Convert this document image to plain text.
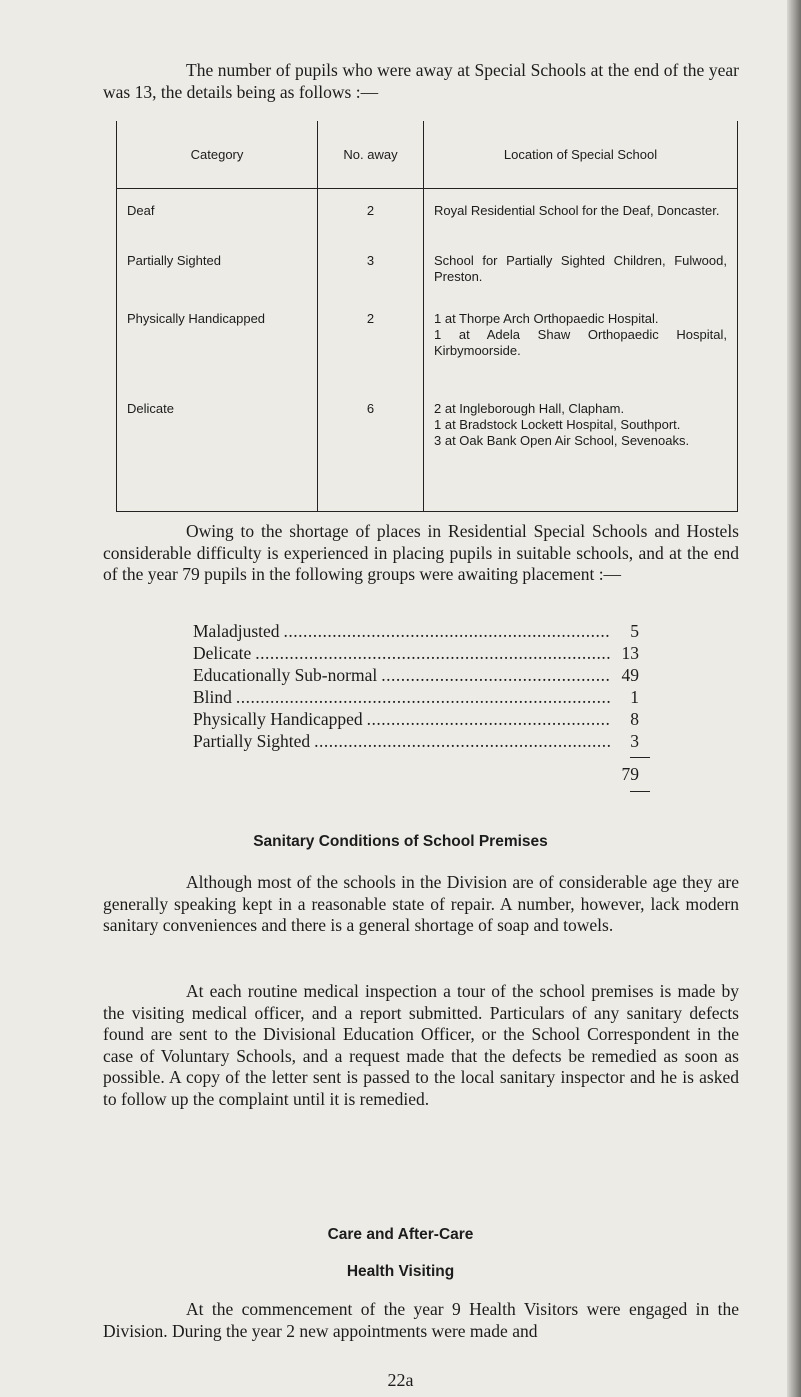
The number of pupils who were away at Special Schools at the end of the year was 13, the details being as follows :—

Category	No. away	Location of Special School
Deaf	2	Royal Residential School for the Deaf, Doncaster.

Partially Sighted	3	School for Partially Sighted Children, Fulwood, Preston.

Physically Handicapped	2	1 at Thorpe Arch Orthopaedic Hospital.
1 at Adela Shaw Orthopaedic Hospital, Kirbymoorside.

Delicate	6	2 at Ingleborough Hall, Clapham.
1 at Bradstock Lockett Hospital, Southport.
3 at Oak Bank Open Air School, Sevenoaks.

Owing to the shortage of places in Residential Special Schools and Hostels considerable difficulty is experienced in placing pupils in suitable schools, and at the end of the year 79 pupils in the following groups were awaiting placement :—

Maladjusted .....	5
Delicate .....	13
Educationally Sub-normal .....	49
Blind .....	1
Physically Handicapped .....	8
Partially Sighted .....	3
79
Sanitary Conditions of School Premises

Although most of the schools in the Division are of considerable age they are generally speaking kept in a reasonable state of repair. A number, however, lack modern sanitary conveniences and there is a general shortage of soap and towels.

At each routine medical inspection a tour of the school premises is made by the visiting medical officer, and a report submitted. Particulars of any sanitary defects found are sent to the Divisional Education Officer, or the School Correspondent in the case of Voluntary Schools, and a request made that the defects be remedied as soon as possible. A copy of the letter sent is passed to the local sanitary inspector and he is asked to follow up the complaint until it is remedied.

Care and After-Care
Health Visiting

At the commencement of the year 9 Health Visitors were engaged in the Division. During the year 2 new appointments were made and

22a
